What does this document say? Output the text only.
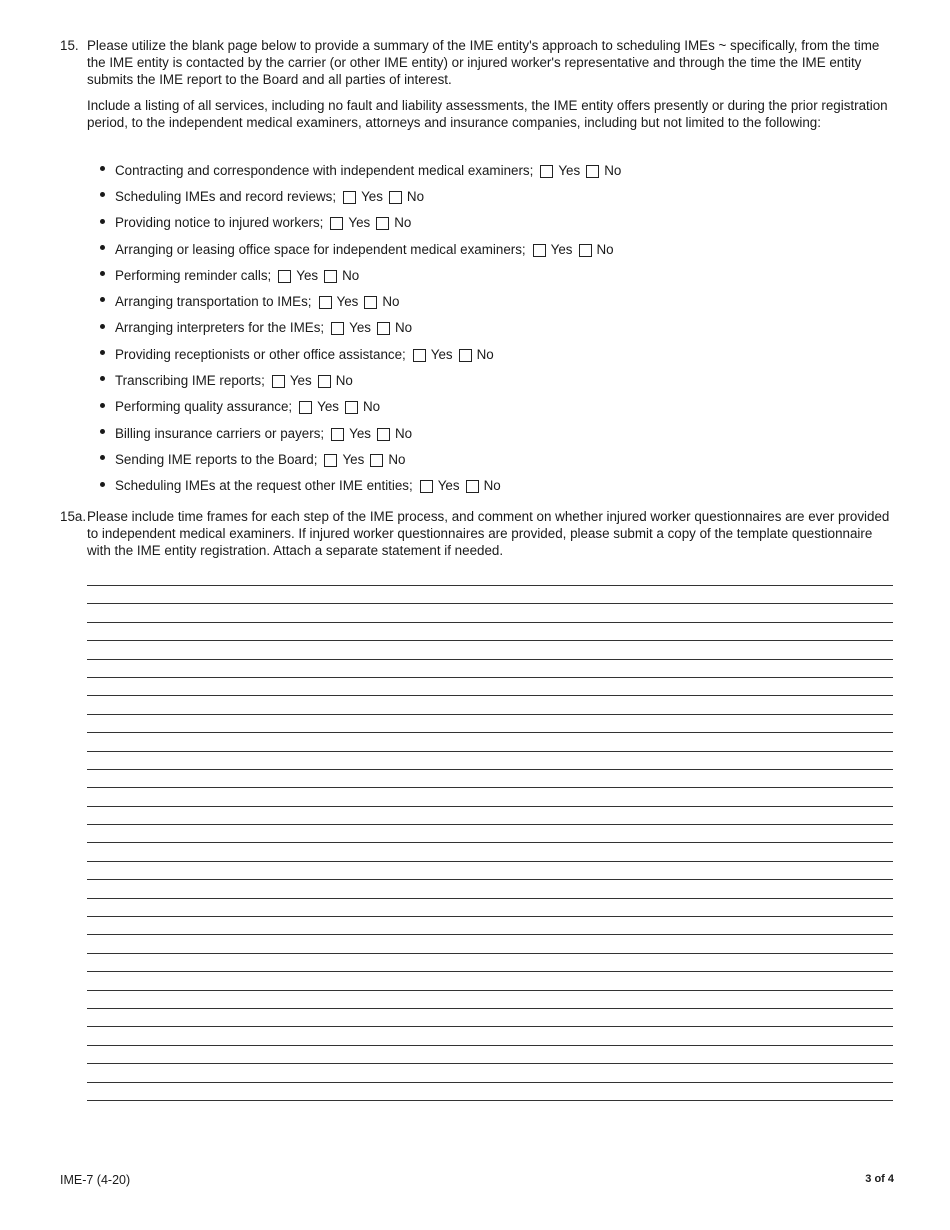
15. Please utilize the blank page below to provide a summary of the IME entity's approach to scheduling IMEs ~ specifically, from the time the IME entity is contacted by the carrier (or other IME entity) or injured worker's representative and through the time the IME entity submits the IME report to the Board and all parties of interest.
Include a listing of all services, including no fault and liability assessments, the IME entity offers presently or during the prior registration period, to the independent medical examiners, attorneys and insurance companies, including but not limited to the following:
Contracting and correspondence with independent medical examiners; Yes No
Scheduling IMEs and record reviews; Yes No
Providing notice to injured workers; Yes No
Arranging or leasing office space for independent medical examiners; Yes No
Performing reminder calls; Yes No
Arranging transportation to IMEs; Yes No
Arranging interpreters for the IMEs; Yes No
Providing receptionists or other office assistance; Yes No
Transcribing IME reports; Yes No
Performing quality assurance; Yes No
Billing insurance carriers or payers; Yes No
Sending IME reports to the Board; Yes No
Scheduling IMEs at the request other IME entities; Yes No
15a. Please include time frames for each step of the IME process, and comment on whether injured worker questionnaires are ever provided to independent medical examiners. If injured worker questionnaires are provided, please submit a copy of the template questionnaire with the IME entity registration. Attach a separate statement if needed.
IME-7 (4-20)	3 of 4
